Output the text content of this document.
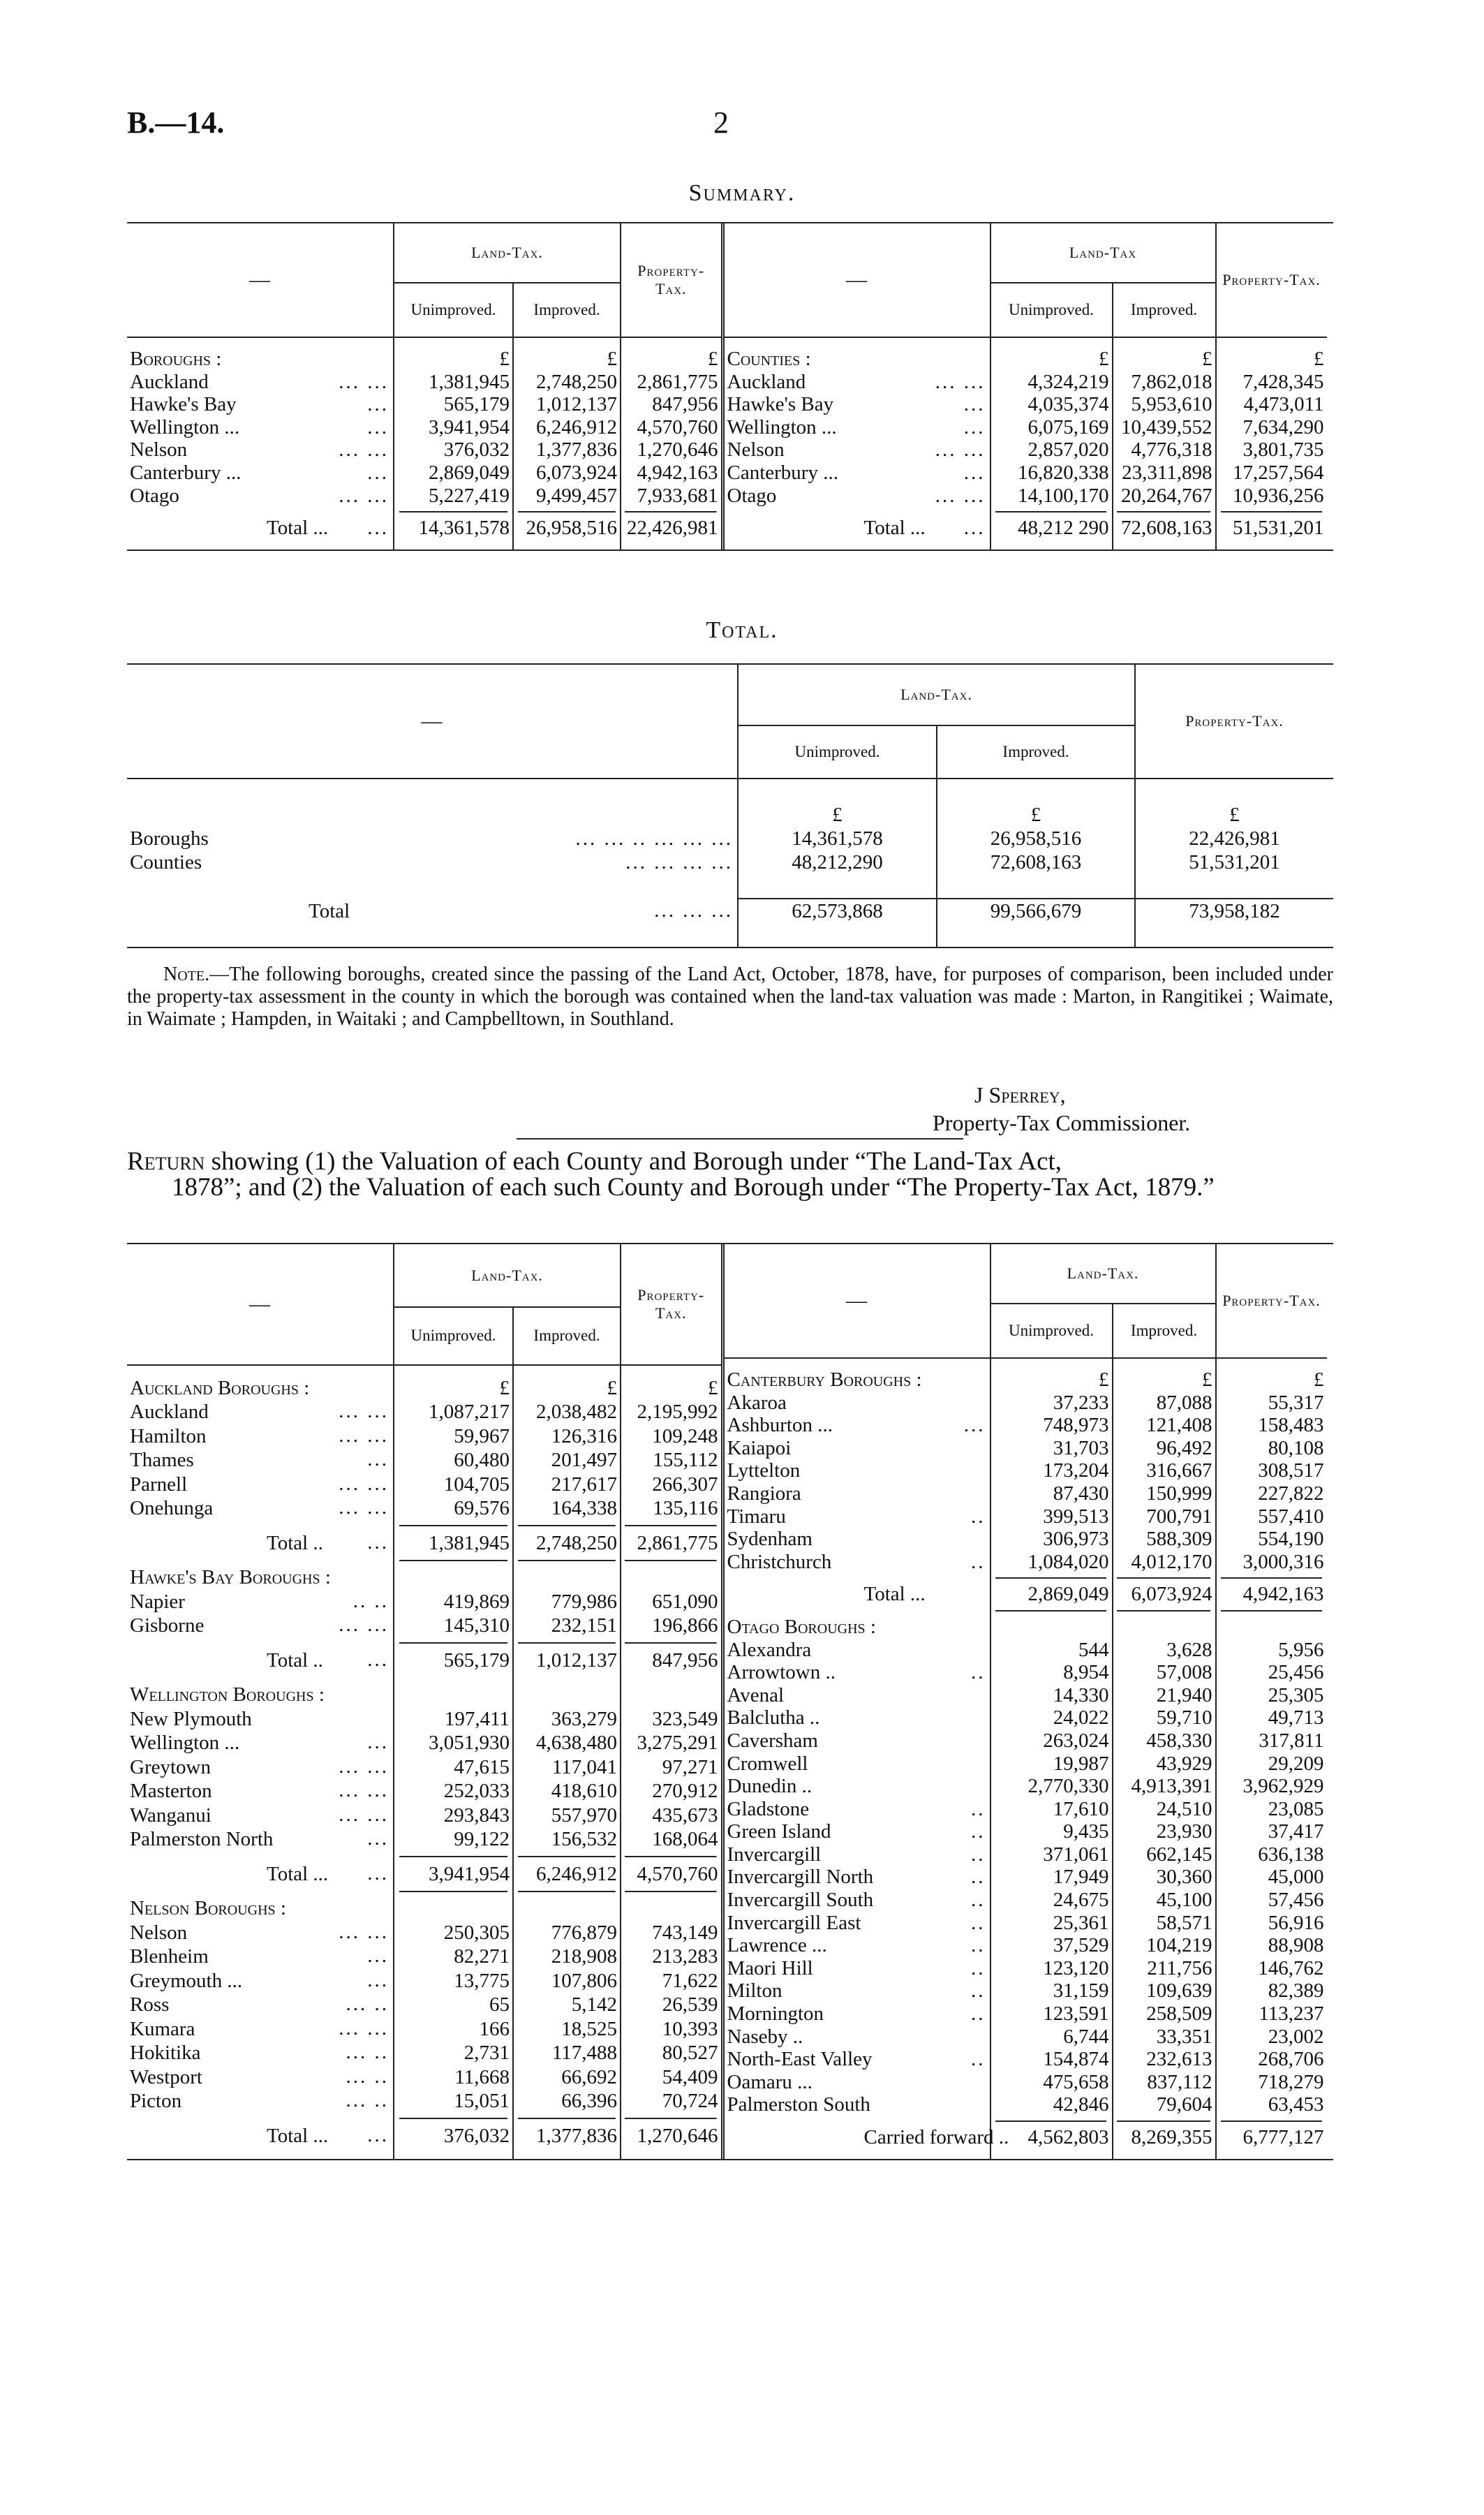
B.—14.	2
Summary.
—	Land-Tax.		Property-Tax.
	Unimproved.	Improved.	

Boroughs :	£	£	£
Auckland ... ...	1,381,945	2,748,250	2,861,775
Hawke's Bay ...	565,179	1,012,137	847,956
Wellington ... ...	3,941,954	6,246,912	4,570,760
Nelson ... ...	376,032	1,377,836	1,270,646
Canterbury ... ...	2,869,049	6,073,924	4,942,163
Otago ... ...	5,227,419	9,499,457	7,933,681

Total ... ...	14,361,578	26,958,516	22,426,981

—	Land-Tax		Property-Tax.
	Unimproved.	Improved.	

Counties :	£	£	£
Auckland ... ...	4,324,219	7,862,018	7,428,345
Hawke's Bay ...	4,035,374	5,953,610	4,473,011
Wellington ... ...	6,075,169	10,439,552	7,634,290
Nelson ... ...	2,857,020	4,776,318	3,801,735
Canterbury ... ...	16,820,338	23,311,898	17,257,564
Otago ... ...	14,100,170	20,264,767	10,936,256

Total ... ...	48,212 290	72,608,163	51,531,201

Total.
—	Land-Tax.		Property-Tax.
	Unimproved.	Improved.	

	£	£	£
Boroughs ... ... .. ... ... ...	14,361,578	26,958,516	22,426,981
Counties ... ... ... ...	48,212,290	72,608,163	51,531,201

Total ... ... ...	62,573,868	99,566,679	73,958,182

Note.—The following boroughs, created since the passing of the Land Act, October, 1878, have, for purposes of comparison, been included under the property-tax assessment in the county in which the borough was contained when the land-tax valuation was made : Marton, in Rangitikei ; Waimate, in Waimate ; Hampden, in Waitaki ; and Campbelltown, in Southland.
J Sperrey,
Property-Tax Commissioner.
Return showing (1) the Valuation of each County and Borough under “The Land-Tax Act,
1878”; and (2) the Valuation of each such County and Borough under “The Property-Tax Act, 1879.”
—	Land-Tax.		Property-Tax.
	Unimproved.	Improved.	

Auckland Boroughs :	£	£	£
Auckland ... ...	1,087,217	2,038,482	2,195,992
Hamilton ... ...	59,967	126,316	109,248
Thames ...	60,480	201,497	155,112
Parnell ... ...	104,705	217,617	266,307
Onehunga ... ...	69,576	164,338	135,116

Total .. ...	1,381,945	2,748,250	2,861,775

Hawke's Bay Boroughs :			
Napier .. ..	419,869	779,986	651,090
Gisborne ... ...	145,310	232,151	196,866

Total .. ...	565,179	1,012,137	847,956

Wellington Boroughs :			
New Plymouth	197,411	363,279	323,549
Wellington ... ...	3,051,930	4,638,480	3,275,291
Greytown ... ...	47,615	117,041	97,271
Masterton ... ...	252,033	418,610	270,912
Wanganui ... ...	293,843	557,970	435,673
Palmerston North ...	99,122	156,532	168,064

Total ... ...	3,941,954	6,246,912	4,570,760

Nelson Boroughs :			
Nelson ... ...	250,305	776,879	743,149
Blenheim ...	82,271	218,908	213,283
Greymouth ... ...	13,775	107,806	71,622
Ross ... ..	65	5,142	26,539
Kumara ... ...	166	18,525	10,393
Hokitika ... ..	2,731	117,488	80,527
Westport ... ..	11,668	66,692	54,409
Picton ... ..	15,051	66,396	70,724

Total ... ...	376,032	1,377,836	1,270,646

—	Land-Tax.		Property-Tax.
	Unimproved.	Improved.	

Canterbury Boroughs :	£	£	£
Akaroa	37,233	87,088	55,317
Ashburton ... ...	748,973	121,408	158,483
Kaiapoi	31,703	96,492	80,108
Lyttelton	173,204	316,667	308,517
Rangiora	87,430	150,999	227,822
Timaru ..	399,513	700,791	557,410
Sydenham	306,973	588,309	554,190
Christchurch ..	1,084,020	4,012,170	3,000,316

Total ...	2,869,049	6,073,924	4,942,163

Otago Boroughs :			
Alexandra	544	3,628	5,956
Arrowtown .. ..	8,954	57,008	25,456
Avenal	14,330	21,940	25,305
Balclutha ..	24,022	59,710	49,713
Caversham	263,024	458,330	317,811
Cromwell	19,987	43,929	29,209
Dunedin ..	2,770,330	4,913,391	3,962,929
Gladstone ..	17,610	24,510	23,085
Green Island ..	9,435	23,930	37,417
Invercargill ..	371,061	662,145	636,138
Invercargill North ..	17,949	30,360	45,000
Invercargill South ..	24,675	45,100	57,456
Invercargill East ..	25,361	58,571	56,916
Lawrence ... ..	37,529	104,219	88,908
Maori Hill ..	123,120	211,756	146,762
Milton ..	31,159	109,639	82,389
Mornington ..	123,591	258,509	113,237
Naseby ..	6,744	33,351	23,002
North-East Valley ..	154,874	232,613	268,706
Oamaru ...	475,658	837,112	718,279
Palmerston South	42,846	79,604	63,453

Carried forward ..	4,562,803	8,269,355	6,777,127
